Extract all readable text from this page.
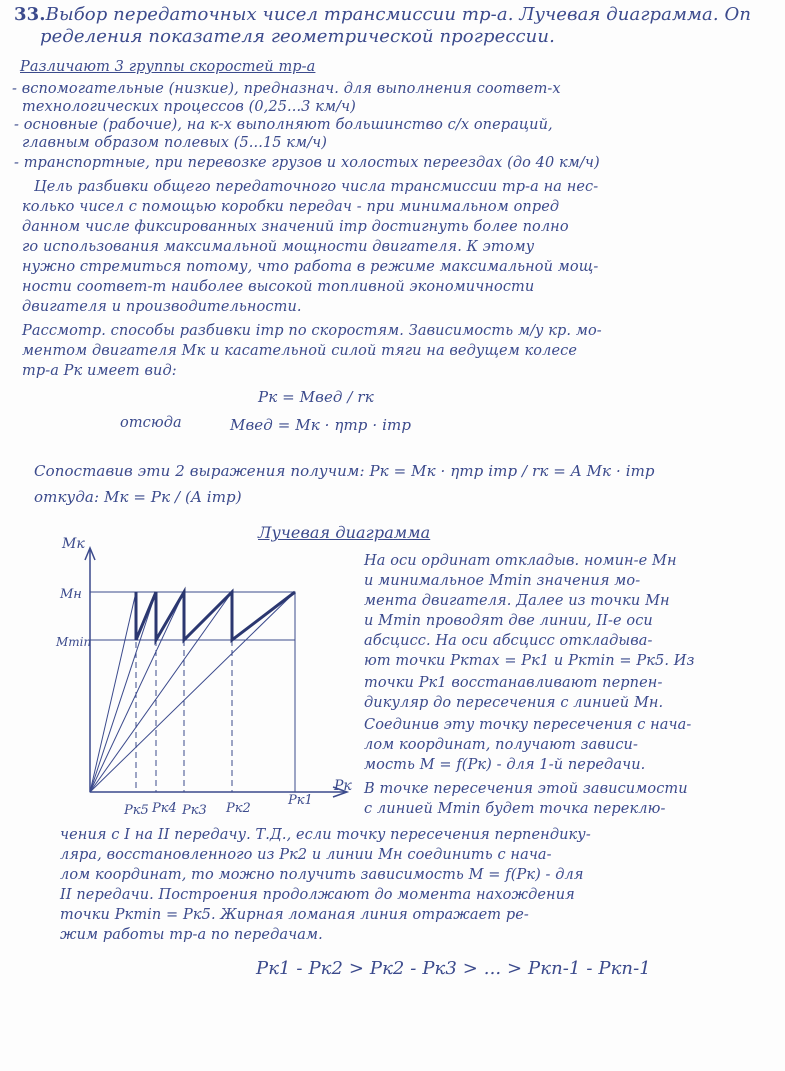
33.Выбор передаточных чисел трансмиссии тр-а. Лучевая диаграмма. Оп
ределения показателя геометрической прогрессии.
Различают 3 группы скоростей тр-а
- вспомогательные (низкие), предназнач. для выполнения соответ-х
технологических процессов (0,25...3 км/ч)
- основные (рабочие), на к-х выполняют большинство с/х операций,
главным образом полевых (5...15 км/ч)
- транспортные, при перевозке грузов и холостых переездах (до 40 км/ч)
Цель разбивки общего передаточного числа трансмиссии тр-а на нес-
колько чисел с помощью коробки передач - при минимальном опред
данном числе фиксированных значений iтр достигнуть более полно
го использования максимальной мощности двигателя. К этому
нужно стремиться потому, что работа в режиме максимальной мощ-
ности соответ-т наиболее высокой топливной экономичности
двигателя и производительности.
Рассмотр. способы разбивки iтр по скоростям. Зависимость м/у кр. мо-
ментом двигателя Mк и касательной силой тяги на ведущем колесе
тр-а Pк имеет вид:
Pк = Mвед / rк
отсюда	Mвед = Mк · ηтр · iтр
Сопоставив эти 2 выражения получим: Pк = Mк · ηтр iтр / rк = A Mк · iтр
откуда: Mк = Pк / (A iтр)
Лучевая диаграмма
Mк
Mн
Mmin
Pк5 Pк4 Pк3 Pк2
Pк1
Pк
На оси ординат откладыв. номин-е Mн
и минимальное Mmin значения мо-
мента двигателя. Далее из точки Mн
и Mmin проводят две линии, II-е оси
абсцисс. На оси абсцисс откладыва-
ют точки Pкmax = Pк1 и Pкmin = Pк5. Из
точки Pк1 восстанавливают перпен-
дикуляр до пересечения с линией Mн.
Соединив эту точку пересечения с нача-
лом координат, получают зависи-
мость M = f(Pк) - для 1-й передачи.
В точке пересечения этой зависимости
с линией Mmin будет точка переклю-
чения с I на II передачу. Т.Д., если точку пересечения перпендику-
ляра, восстановленного из Pк2 и линии Mн соединить с нача-
лом координат, то можно получить зависимость M = f(Pк) - для
II передачи. Построения продолжают до момента нахождения
точки Pкmin = Pк5. Жирная ломаная линия отражает ре-
жим работы тр-а по передачам.
Pк1 - Pк2 > Pк2 - Pк3 > ... > Pкn-1 - Pкn-1
